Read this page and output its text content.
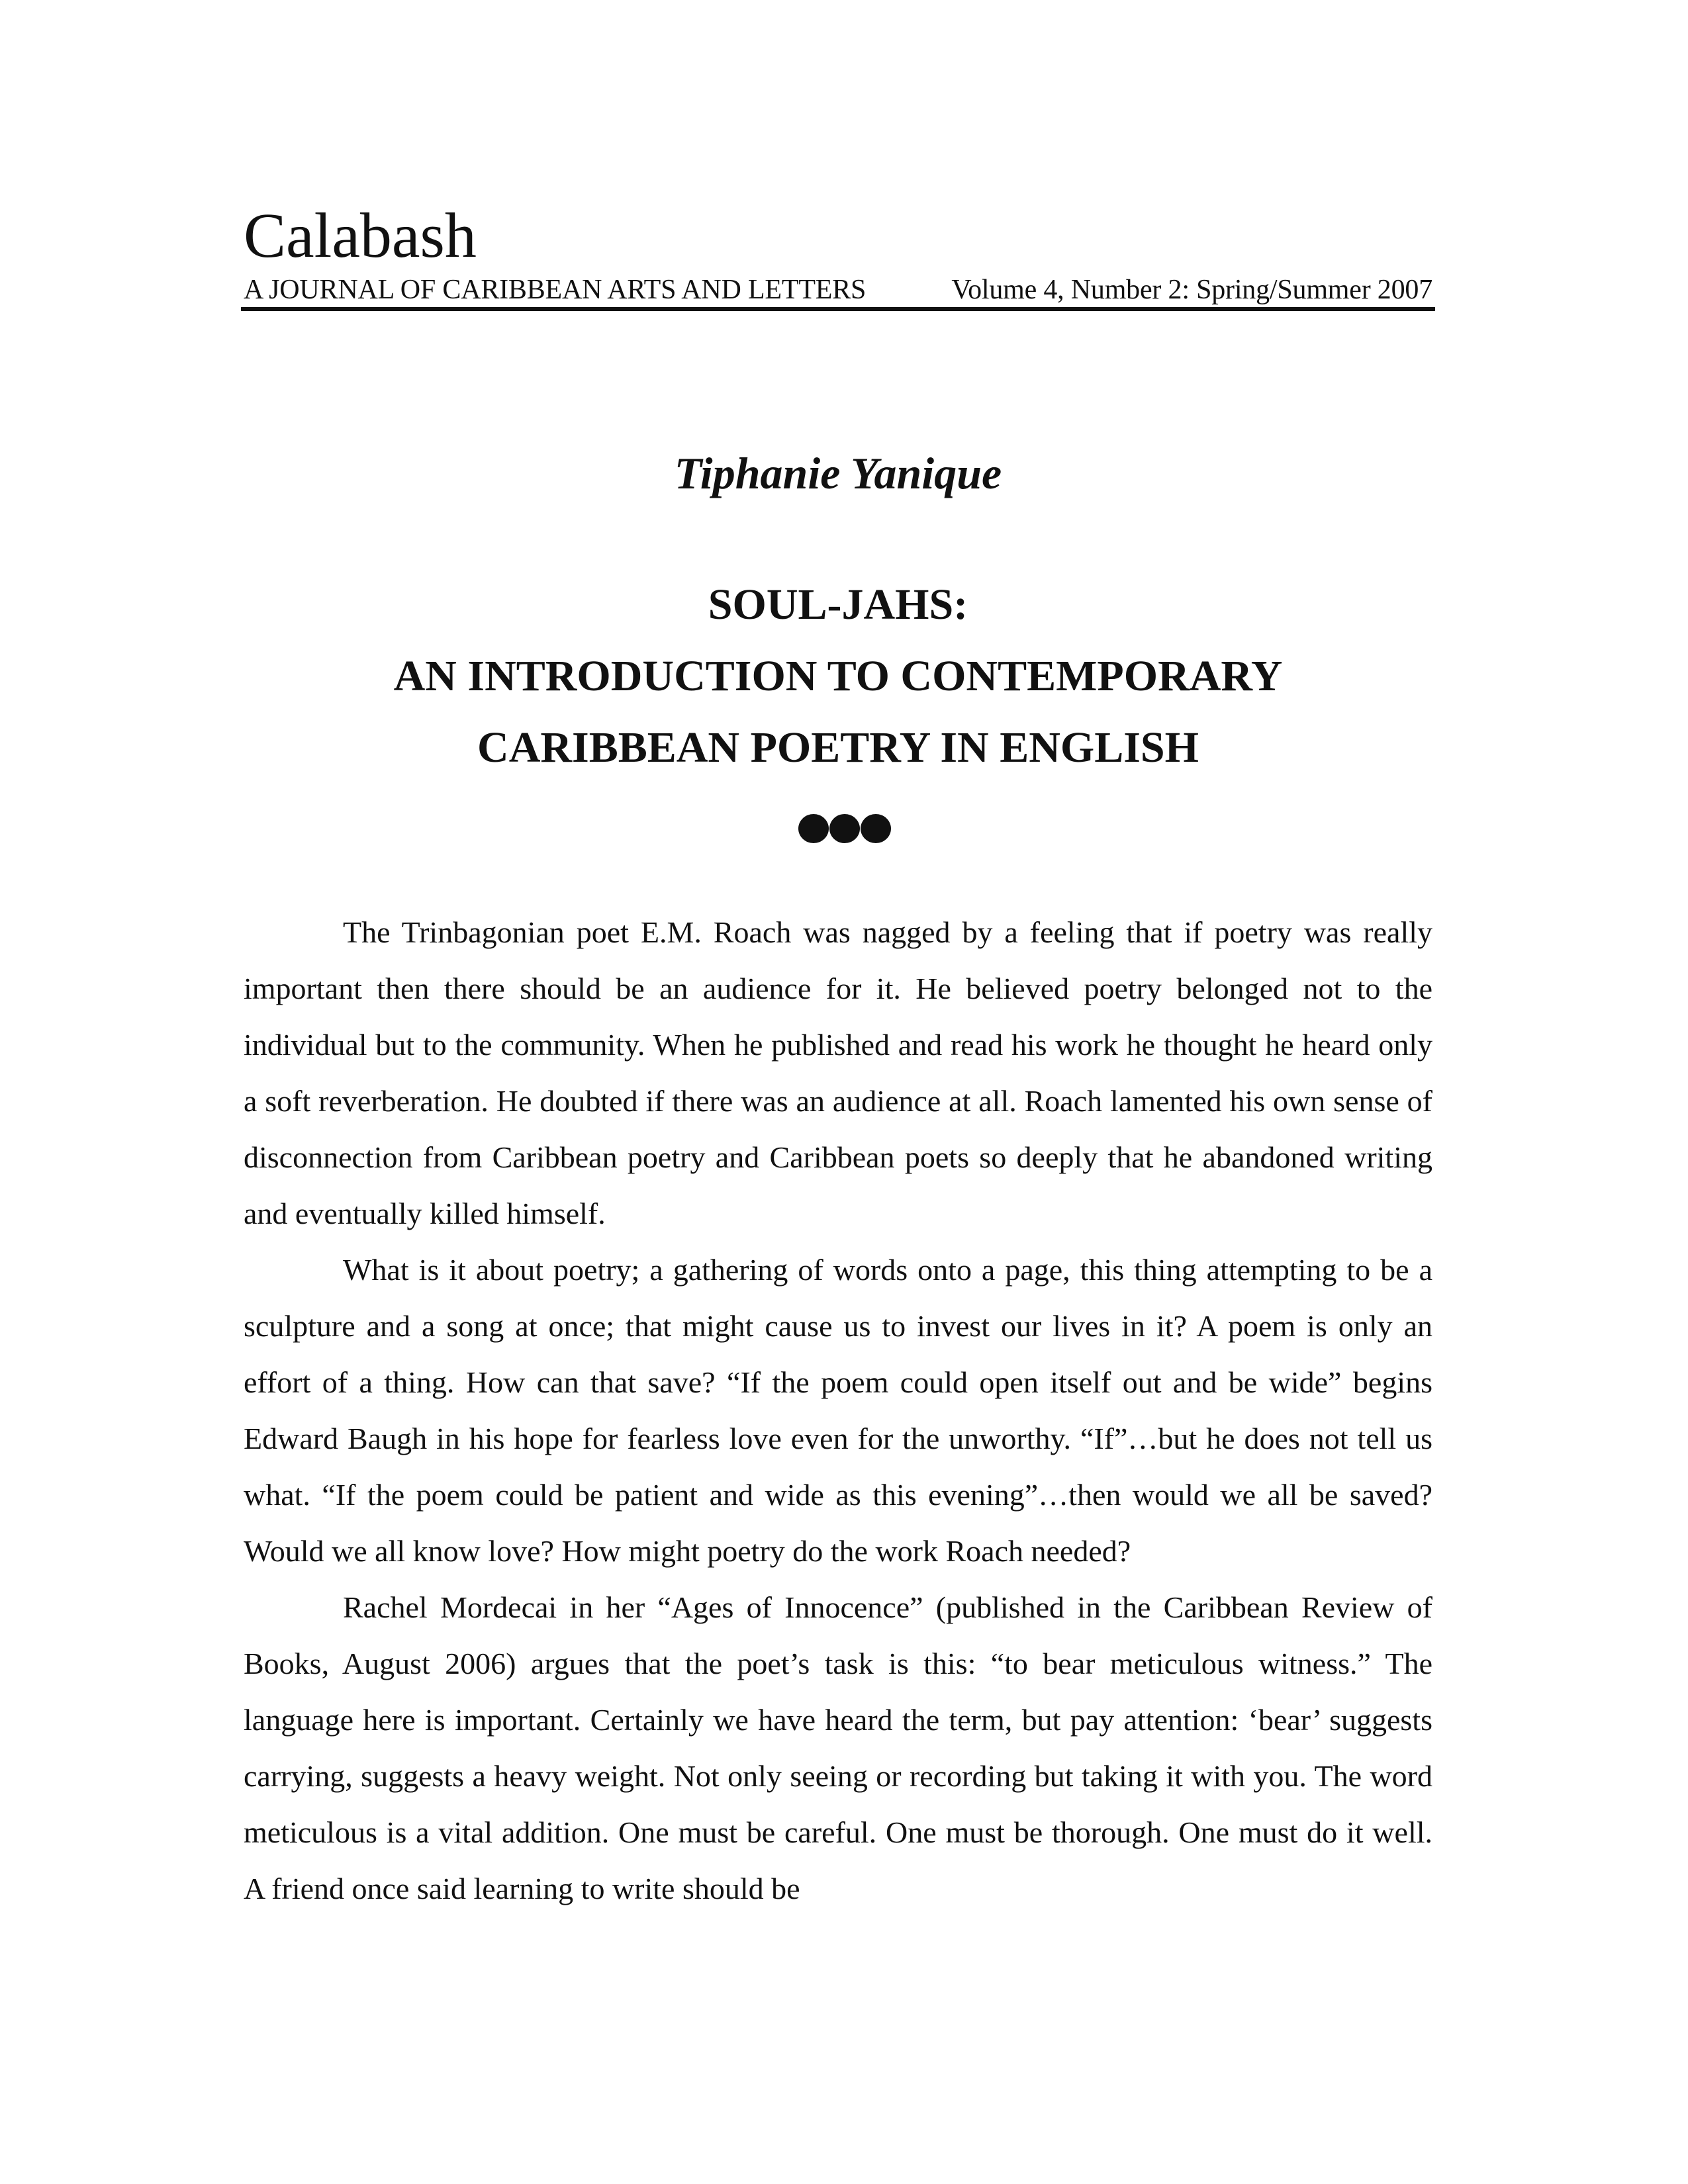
Calabash
A JOURNAL OF CARIBBEAN ARTS AND LETTERS	Volume 4, Number 2: Spring/Summer 2007
Tiphanie Yanique
SOUL-JAHS:
AN INTRODUCTION TO CONTEMPORARY
CARIBBEAN POETRY IN ENGLISH

The Trinbagonian poet E.M. Roach was nagged by a feeling that if poetry was really important then there should be an audience for it. He believed poetry belonged not to the individual but to the community. When he published and read his work he thought he heard only a soft reverberation. He doubted if there was an audience at all. Roach lamented his own sense of disconnection from Caribbean poetry and Caribbean poets so deeply that he abandoned writing and eventually killed himself.

What is it about poetry; a gathering of words onto a page, this thing attempting to be a sculpture and a song at once; that might cause us to invest our lives in it? A poem is only an effort of a thing. How can that save? “If the poem could open itself out and be wide” begins Edward Baugh in his hope for fearless love even for the unworthy. “If”…but he does not tell us what. “If the poem could be patient and wide as this evening”…then would we all be saved? Would we all know love? How might poetry do the work Roach needed?

Rachel Mordecai in her “Ages of Innocence” (published in the Caribbean Review of Books, August 2006) argues that the poet’s task is this: “to bear meticulous witness.” The language here is important. Certainly we have heard the term, but pay attention: ‘bear’ suggests carrying, suggests a heavy weight. Not only seeing or recording but taking it with you. The word meticulous is a vital addition. One must be careful. One must be thorough. One must do it well. A friend once said learning to write should be
